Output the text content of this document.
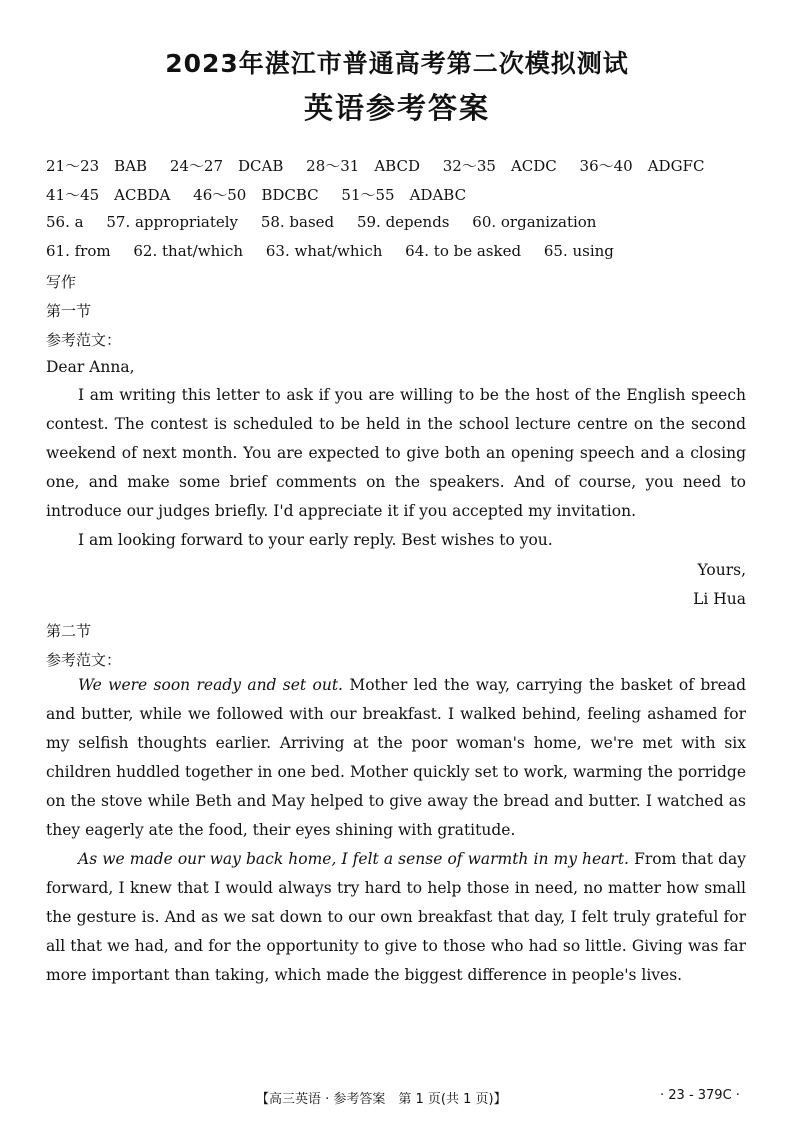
2023年湛江市普通高考第二次模拟测试
英语参考答案
21～23　BAB 24～27　DCAB 28～31　ABCD 32～35　ACDC 36～40　ADGFC
41～45　ACBDA 46～50　BDCBC 51～55　ADABC
56. a 57. appropriately 58. based 59. depends 60. organization
61. from 62. that/which 63. what/which 64. to be asked 65. using
写作
第一节
参考范文：
Dear Anna,

I am writing this letter to ask if you are willing to be the host of the English speech contest. The contest is scheduled to be held in the school lecture centre on the second weekend of next month. You are expected to give both an opening speech and a closing one, and make some brief comments on the speakers. And of course, you need to introduce our judges briefly. I'd appreciate it if you accepted my invitation.

I am looking forward to your early reply. Best wishes to you.

Yours,
Li Hua
第二节
参考范文：

We were soon ready and set out. Mother led the way, carrying the basket of bread and butter, while we followed with our breakfast. I walked behind, feeling ashamed for my selfish thoughts earlier. Arriving at the poor woman's home, we're met with six children huddled together in one bed. Mother quickly set to work, warming the porridge on the stove while Beth and May helped to give away the bread and butter. I watched as they eagerly ate the food, their eyes shining with gratitude.

As we made our way back home, I felt a sense of warmth in my heart. From that day forward, I knew that I would always try hard to help those in need, no matter how small the gesture is. And as we sat down to our own breakfast that day, I felt truly grateful for all that we had, and for the opportunity to give to those who had so little. Giving was far more important than taking, which made the biggest difference in people's lives.

【高三英语 · 参考答案　第 1 页(共 1 页)】	· 23 - 379C ·
